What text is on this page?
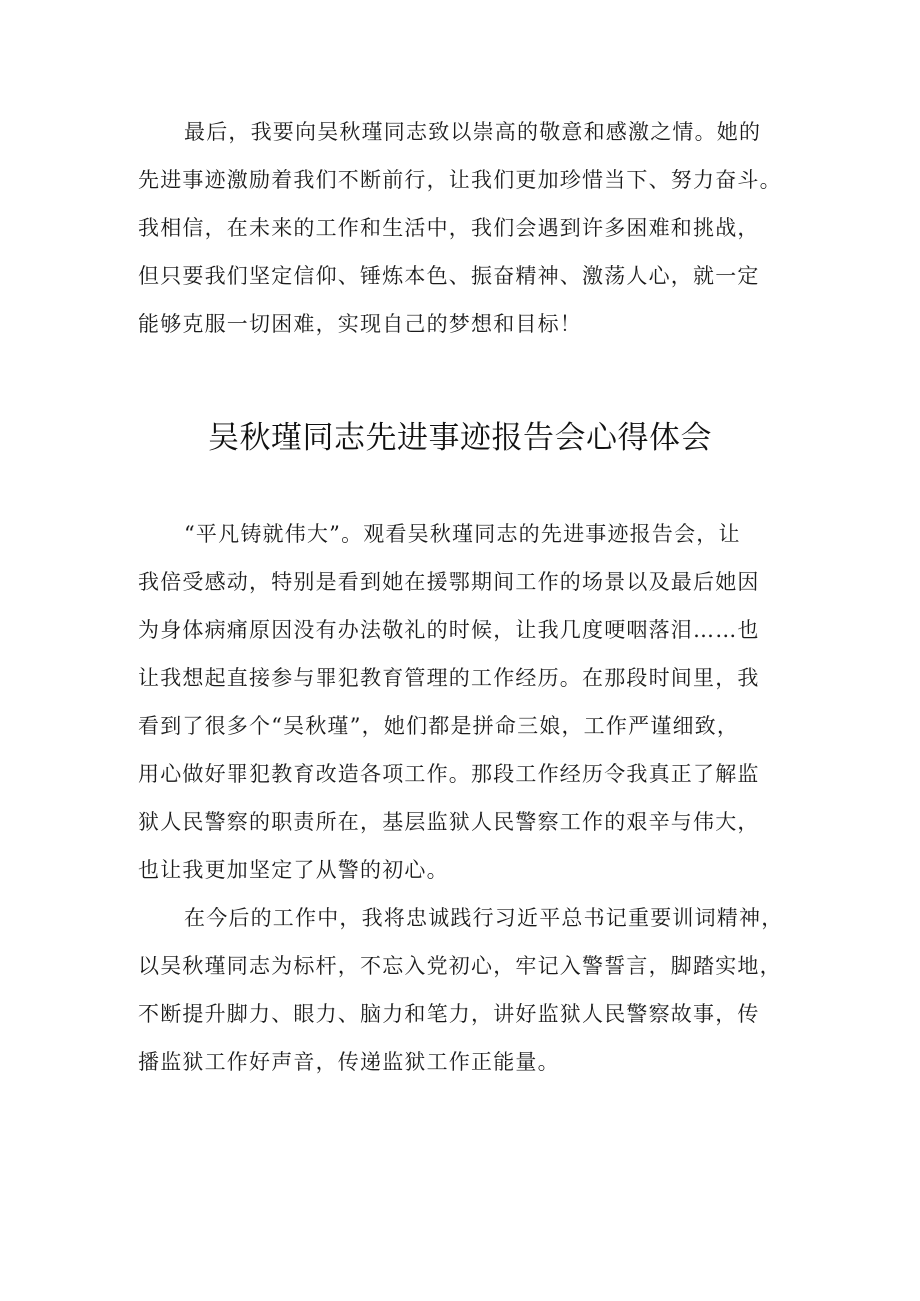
最后，我要向吴秋瑾同志致以崇高的敬意和感激之情。她的
先进事迹激励着我们不断前行，让我们更加珍惜当下、努力奋斗。
我相信，在未来的工作和生活中，我们会遇到许多困难和挑战，
但只要我们坚定信仰、锤炼本色、振奋精神、激荡人心，就一定
能够克服一切困难，实现自己的梦想和目标！
吴秋瑾同志先进事迹报告会心得体会
“平凡铸就伟大”。观看吴秋瑾同志的先进事迹报告会，让
我倍受感动，特别是看到她在援鄂期间工作的场景以及最后她因
为身体病痛原因没有办法敬礼的时候，让我几度哽咽落泪……也
让我想起直接参与罪犯教育管理的工作经历。在那段时间里，我
看到了很多个“吴秋瑾”，她们都是拼命三娘，工作严谨细致，
用心做好罪犯教育改造各项工作。那段工作经历令我真正了解监
狱人民警察的职责所在，基层监狱人民警察工作的艰辛与伟大，
也让我更加坚定了从警的初心。
在今后的工作中，我将忠诚践行习近平总书记重要训词精神，
以吴秋瑾同志为标杆，不忘入党初心，牢记入警誓言，脚踏实地，
不断提升脚力、眼力、脑力和笔力，讲好监狱人民警察故事，传
播监狱工作好声音，传递监狱工作正能量。
